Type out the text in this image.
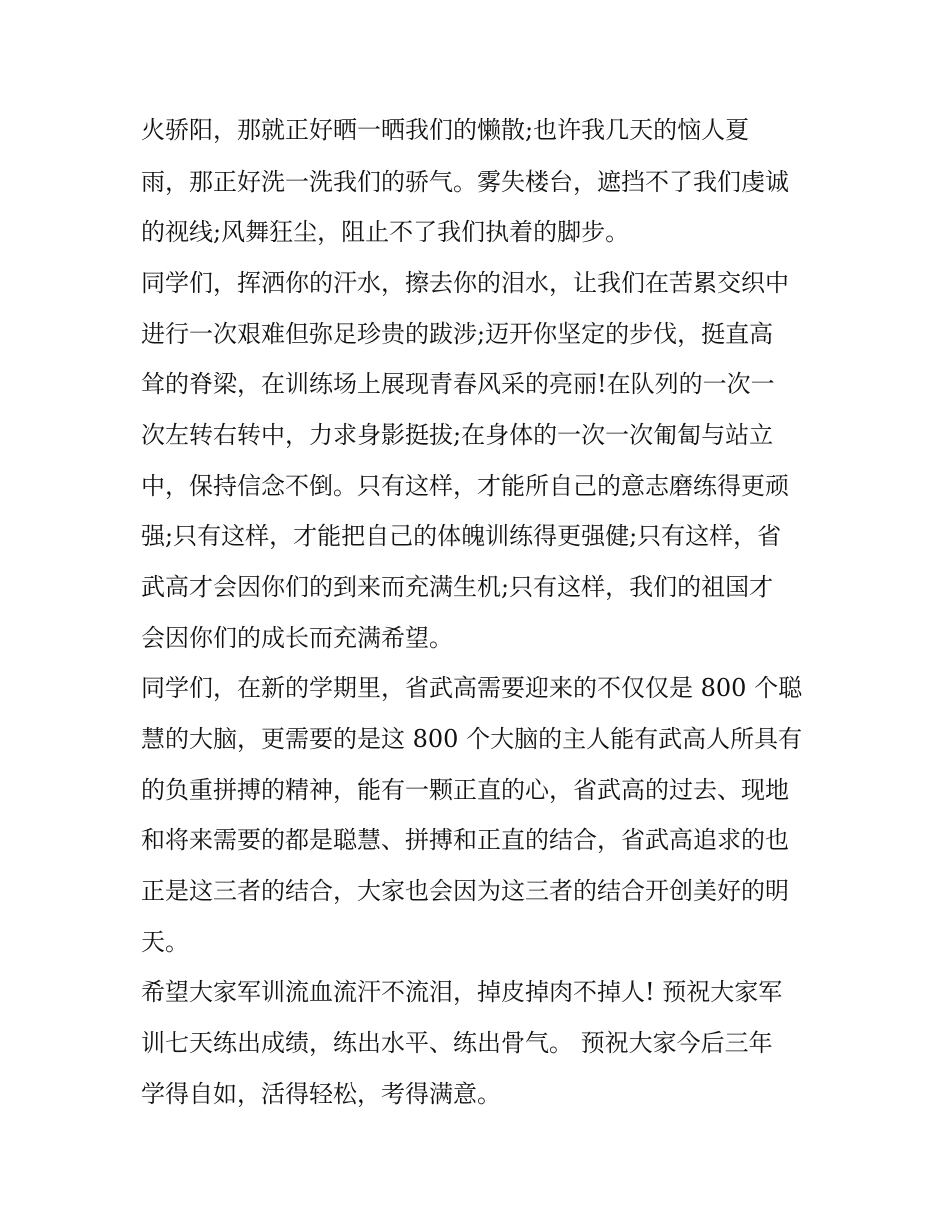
火骄阳，那就正好晒一晒我们的懒散;也许我几天的恼人夏
雨，那正好洗一洗我们的骄气。雾失楼台，遮挡不了我们虔诚
的视线;风舞狂尘，阻止不了我们执着的脚步。
同学们，挥洒你的汗水，擦去你的泪水，让我们在苦累交织中
进行一次艰难但弥足珍贵的跋涉;迈开你坚定的步伐，挺直高
耸的脊梁，在训练场上展现青春风采的亮丽!在队列的一次一
次左转右转中，力求身影挺拔;在身体的一次一次匍匐与站立
中，保持信念不倒。只有这样，才能所自己的意志磨练得更顽
强;只有这样，才能把自己的体魄训练得更强健;只有这样，省
武高才会因你们的到来而充满生机;只有这样，我们的祖国才
会因你们的成长而充满希望。
同学们，在新的学期里，省武高需要迎来的不仅仅是 800 个聪
慧的大脑，更需要的是这 800 个大脑的主人能有武高人所具有
的负重拼搏的精神，能有一颗正直的心，省武高的过去、现地
和将来需要的都是聪慧、拼搏和正直的结合，省武高追求的也
正是这三者的结合，大家也会因为这三者的结合开创美好的明
天。
希望大家军训流血流汗不流泪，掉皮掉肉不掉人! 预祝大家军
训七天练出成绩，练出水平、练出骨气。 预祝大家今后三年
学得自如，活得轻松，考得满意。
